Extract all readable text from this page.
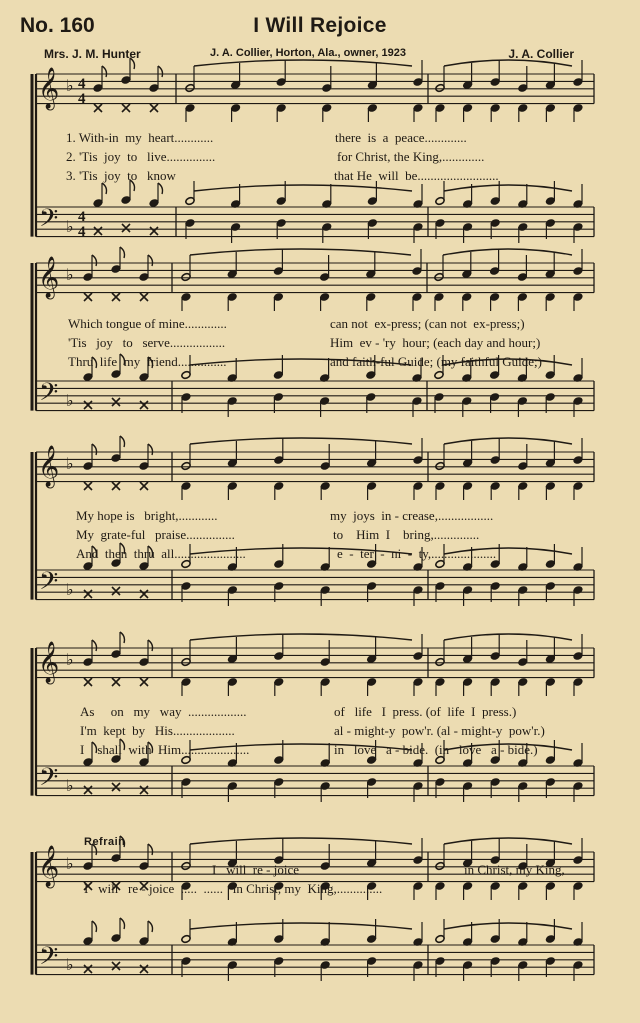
No. 160	I Will Rejoice
Mrs. J. M. Hunter	J. A. Collier, Horton, Ala., owner, 1923	J. A. Collier
Refrain
𝄞
𝄢
♭
♭
4
4
4
4
𝄞
𝄢
♭
♭
𝄞
𝄢
♭
♭
𝄞
𝄢
♭
♭
𝄞
𝄢
♭
♭
1. With-in  my  heart............	there  is  a  peace.............
2. 'Tis  joy  to   live...............	for Christ, the King,.............
3. 'Tis  joy  to   know	that He  will  be.........................
Which tongue of mine.............	can not  ex-press; (can not  ex-press;)
'Tis   joy   to   serve.................	Him  ev - 'ry  hour; (each day and hour;)
Thru  life  my  friend...............	and faith-ful Guide; (my faithful Guide;)
My hope is   bright,............	my  joys  in - crease,.................
My  grate-ful   praise...............	to    Him  I    bring,..............
And  then  thru  all......................	e  -  ter  -  ni  -  ty,....................
As     on   my   way  ..................	of   life   I  press. (of  life  I  press.)
I'm  kept  by   His...................	al - might-y  pow'r. (al - might-y  pow'r.)
I    shall  with  Him.....................	in   love   a - bide.  (in   love   a - bide.)
I   will  re - joice	in Christ, my King,
I   will   re - joice  .....  ......   in Christ, my  King,..............
